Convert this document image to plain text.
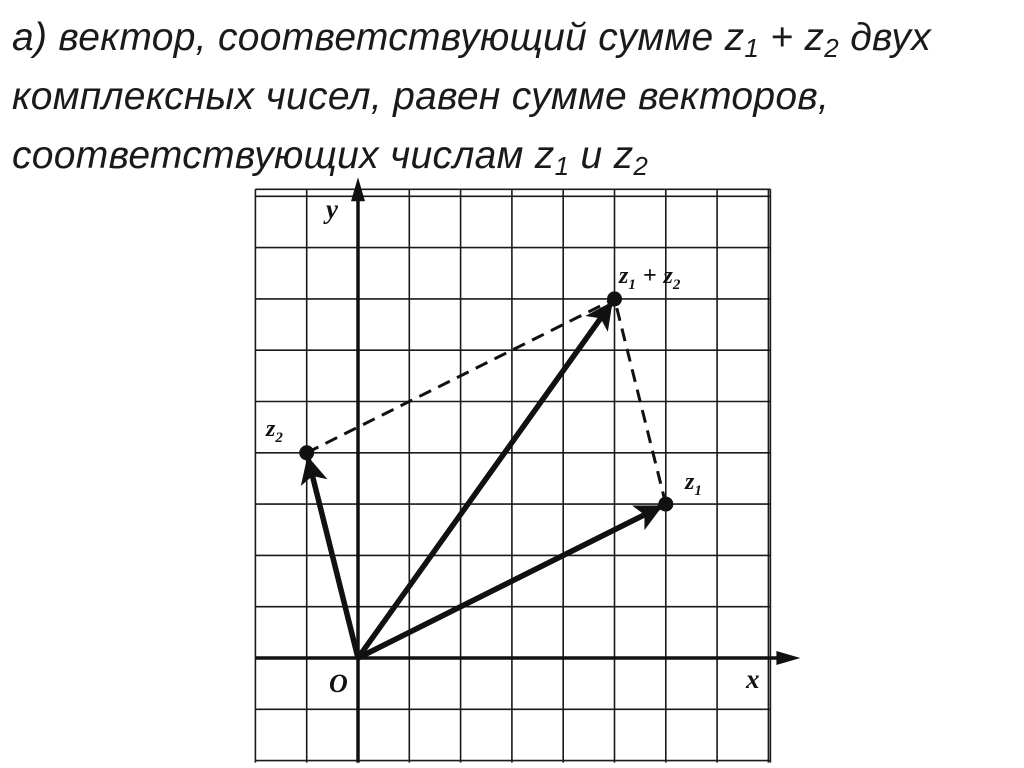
а) вектор, соответствующий сумме $z_1 + z_2$ двух
комплексных чисел, равен сумме векторов,
соответствующих числам $z_1$ и $z_2$
y
x
O
$z_1$
$z_2$
$z_1 + z_2$
